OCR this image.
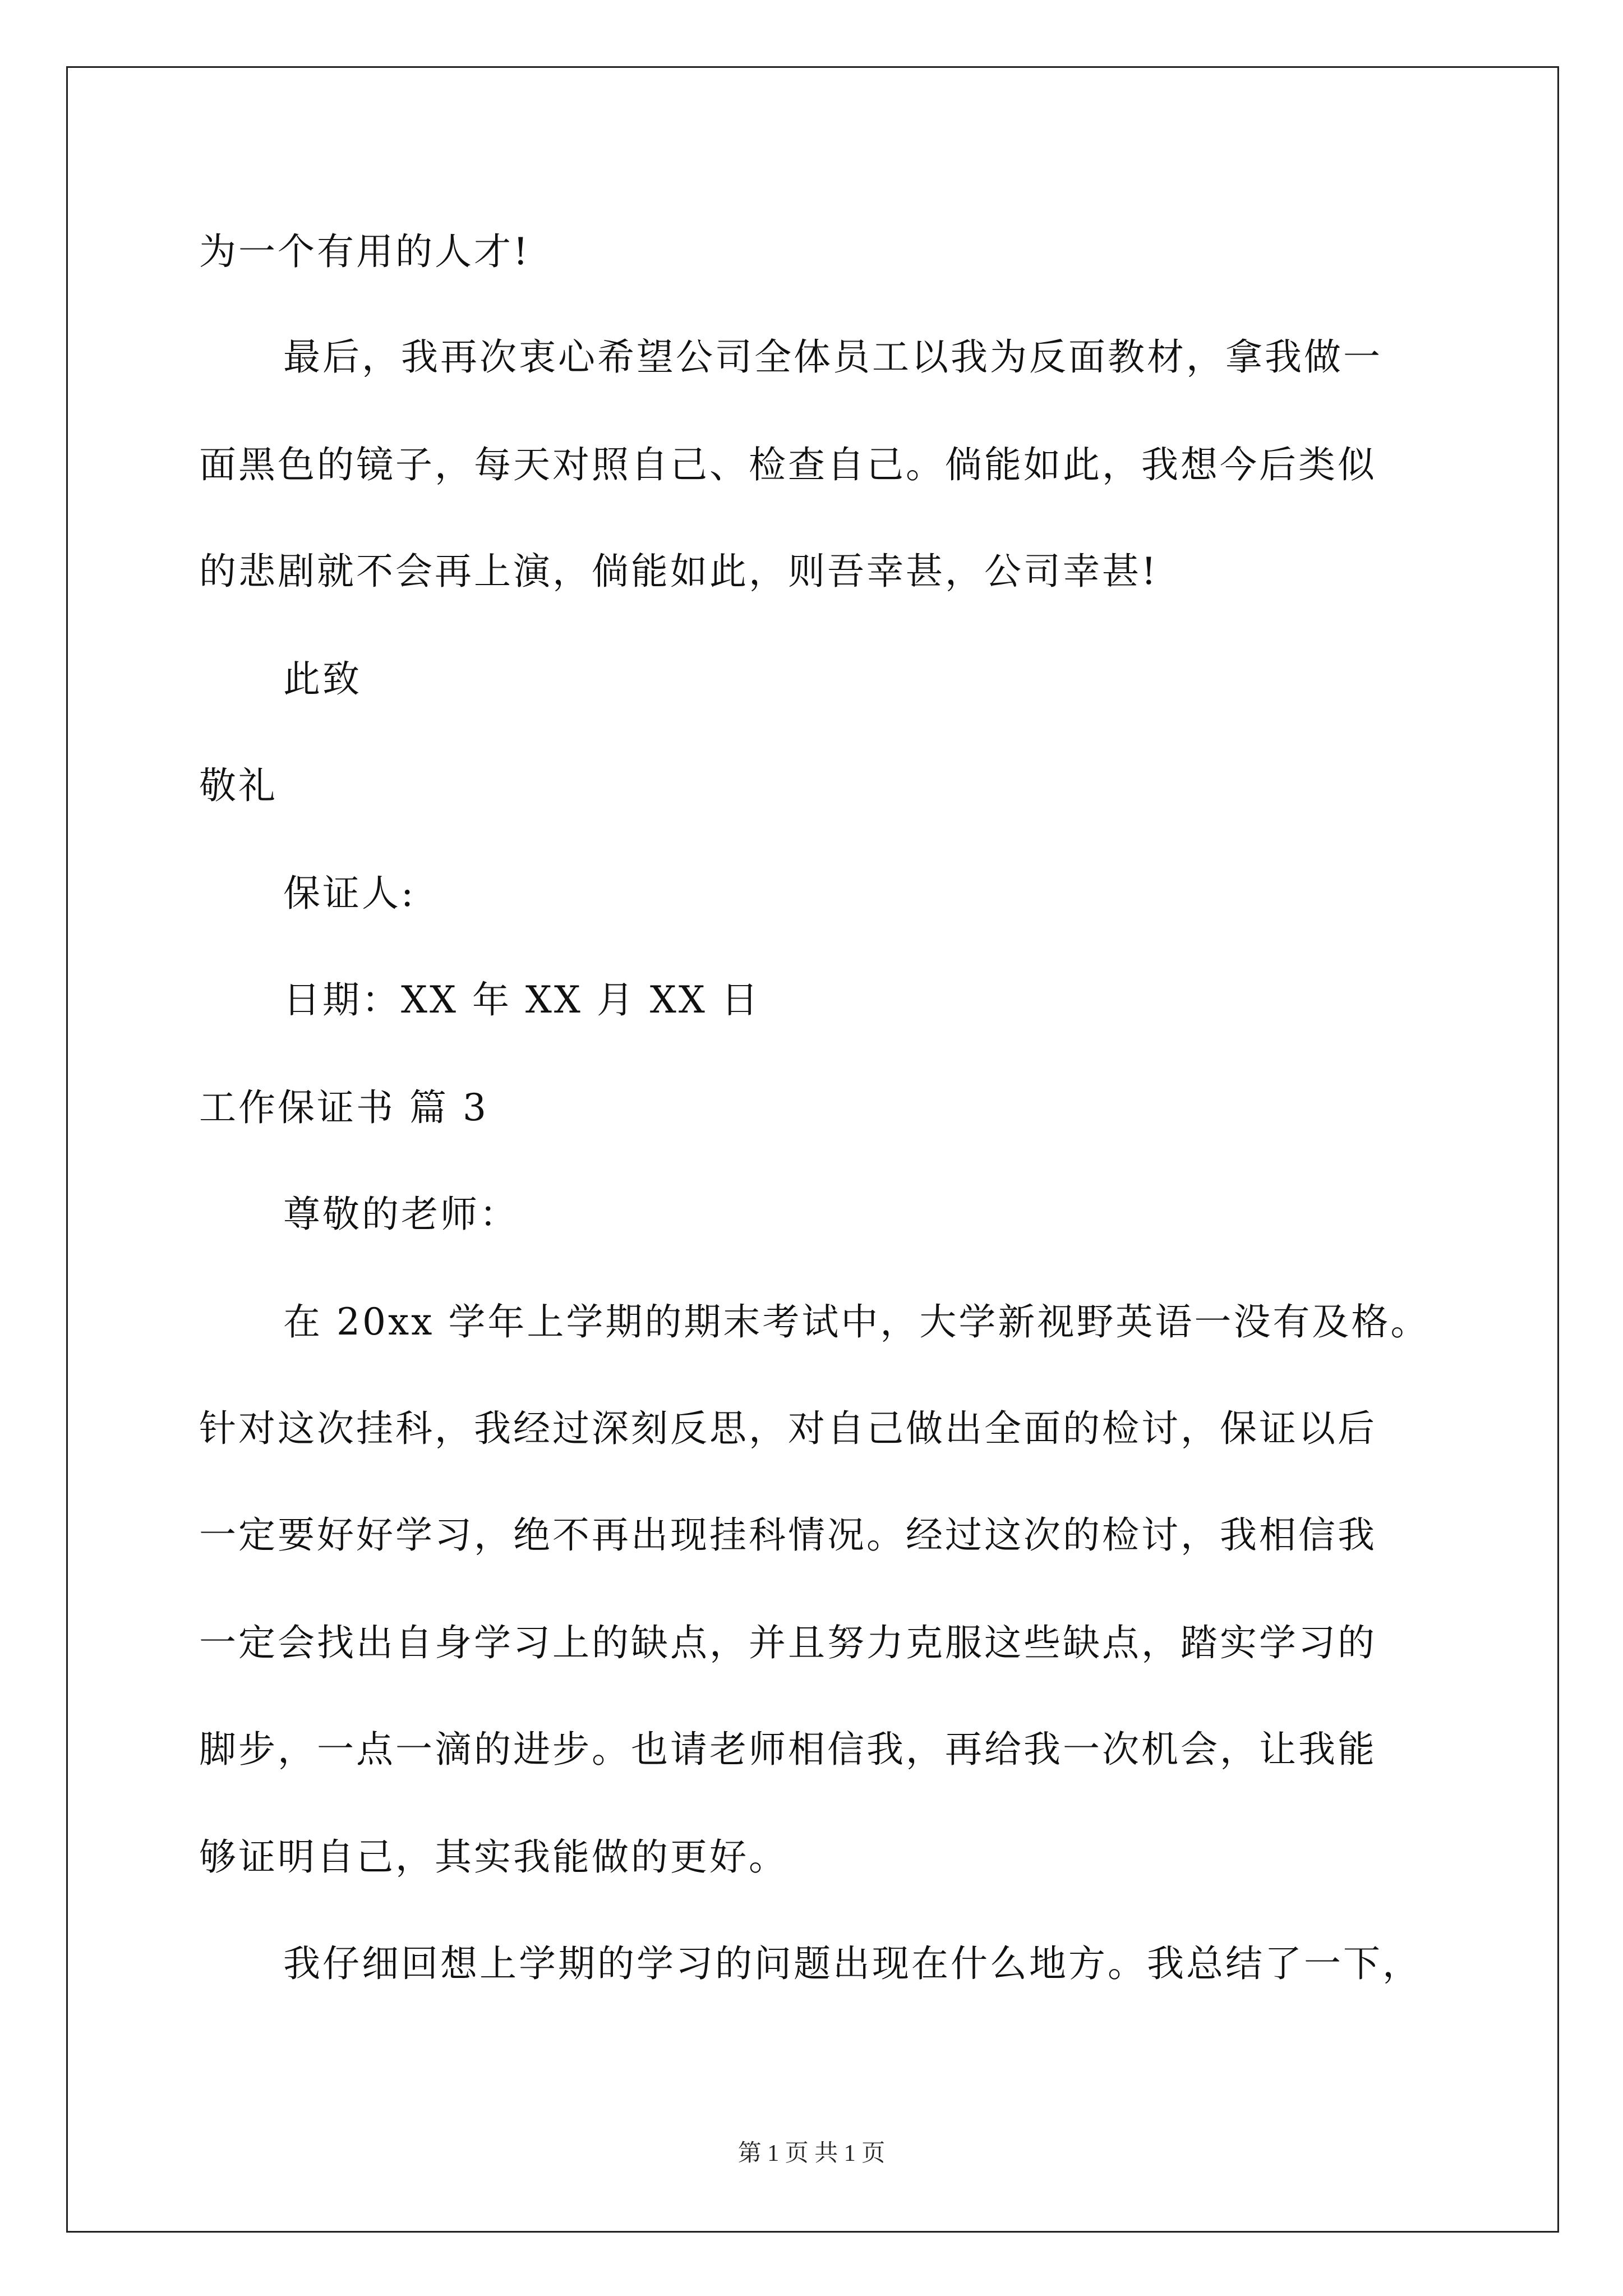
为一个有用的人才!
最后，我再次衷心希望公司全体员工以我为反面教材，拿我做一
面黑色的镜子，每天对照自己、检查自己。倘能如此，我想今后类似
的悲剧就不会再上演，倘能如此，则吾幸甚，公司幸甚!
此致
敬礼
保证人:
日期：XX 年 XX 月 XX 日
工作保证书 篇 3
尊敬的老师：
在 20xx 学年上学期的期末考试中，大学新视野英语一没有及格。
针对这次挂科，我经过深刻反思，对自己做出全面的检讨，保证以后
一定要好好学习，绝不再出现挂科情况。经过这次的检讨，我相信我
一定会找出自身学习上的缺点，并且努力克服这些缺点，踏实学习的
脚步，一点一滴的进步。也请老师相信我，再给我一次机会，让我能
够证明自己，其实我能做的更好。
我仔细回想上学期的学习的问题出现在什么地方。我总结了一下，
第 1 页 共 1 页
